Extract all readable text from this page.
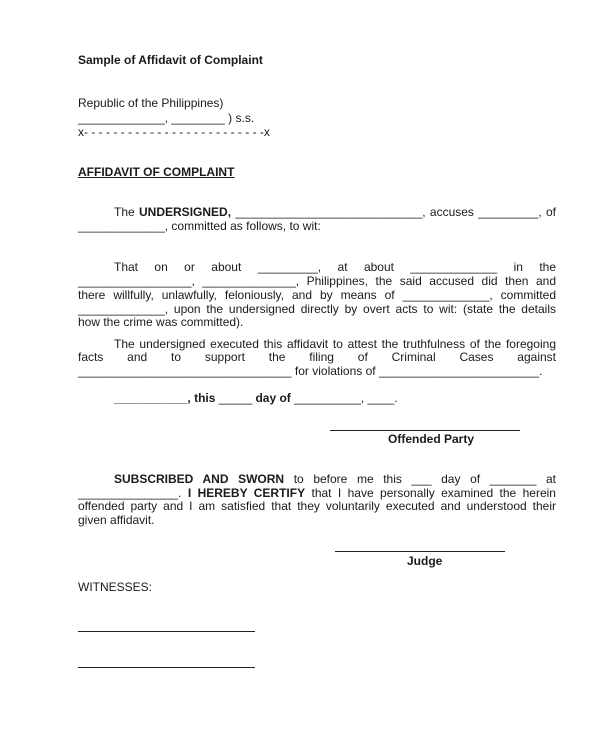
Sample of Affidavit of Complaint
Republic of the Philippines)
_____________, ________ ) s.s.
x- - - - - - - - - - - - - - - - - - - - - - - - -x
AFFIDAVIT OF COMPLAINT
The UNDERSIGNED, ____________________________, accuses _________, of
_____________, committed as follows, to wit:
That on or about _________, at about _____________ in the
_________________, ______________, Philippines, the said accused did then and
there willfully, unlawfully, feloniously, and by means of _____________, committed
_____________, upon the undersigned directly by overt acts to wit: (state the details
how the crime was committed).
The undersigned executed this affidavit to attest the truthfulness of the foregoing
facts and to support the filing of Criminal Cases against
________________________________ for violations of ________________________.
___________, this _____ day of __________, ____.
Offended Party
SUBSCRIBED AND SWORN to before me this ___ day of _______ at
_______________. I HEREBY CERTIFY that I have personally examined the herein
offended party and I am satisfied that they voluntarily executed and understood their
given affidavit.
Judge
WITNESSES:
